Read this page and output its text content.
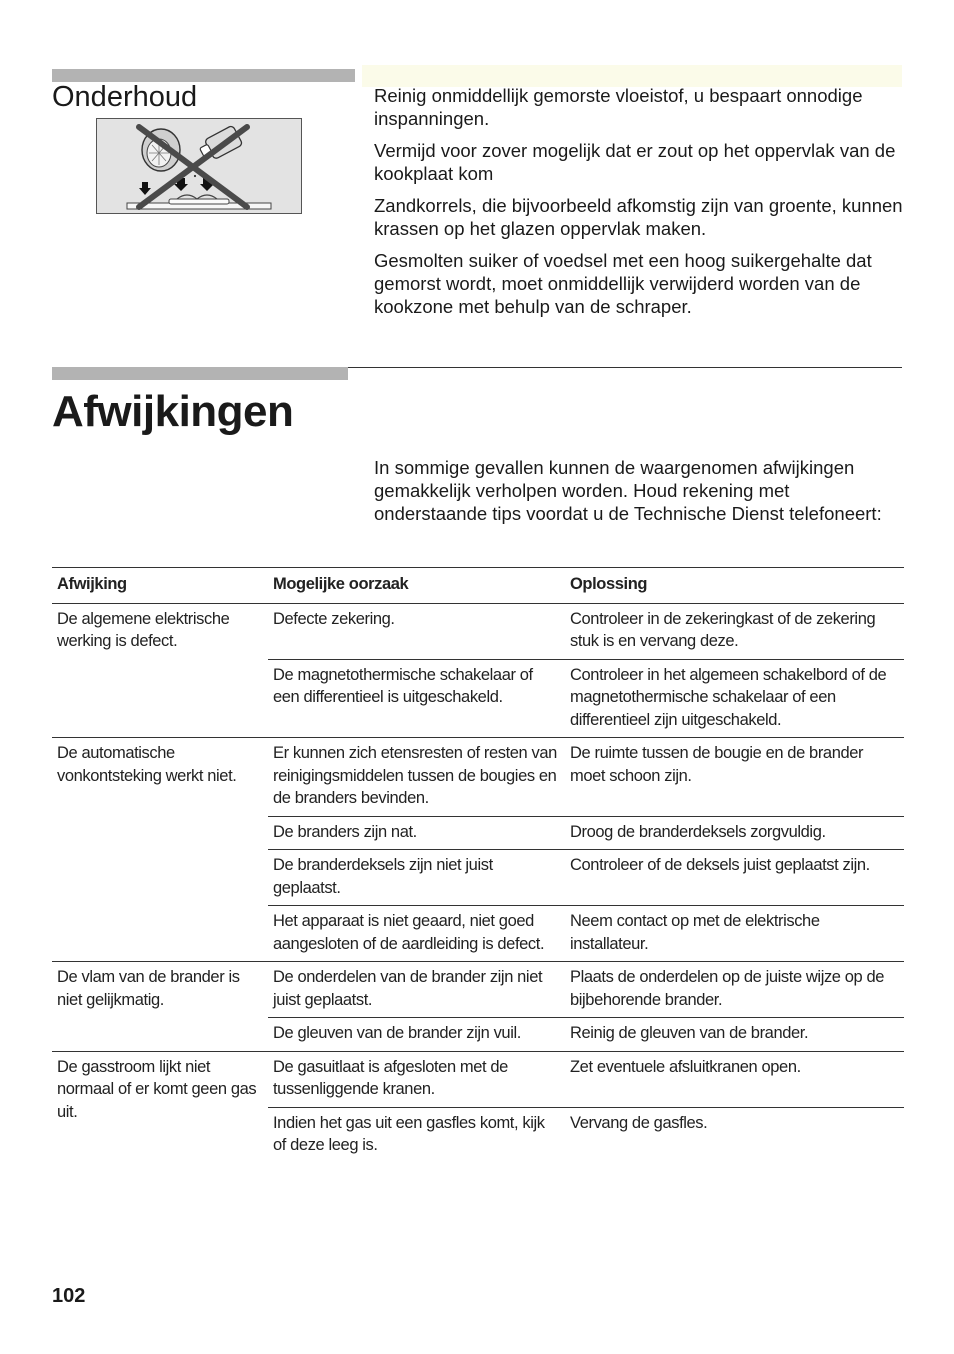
Onderhoud	Reinig onmiddellijk gemorste vloeistof, u bespaart onnodige inspanningen.

Vermijd voor zover mogelijk dat er zout op het oppervlak van de kookplaat kom

Zandkorrels, die bijvoorbeeld afkomstig zijn van groente, kunnen krassen op het glazen oppervlak maken.

Gesmolten suiker of voedsel met een hoog suikergehalte dat gemorst wordt, moet onmiddellijk verwijderd worden van de kookzone met behulp van de schraper.

Afwijkingen

In sommige gevallen kunnen de waargenomen afwijkingen gemakkelijk verholpen worden. Houd rekening met onderstaande tips voordat u de Technische Dienst telefoneert:

Afwijking	Mogelijke oorzaak	Oplossing
De algemene elektrische werking is defect.	Defecte zekering.	Controleer in de zekeringkast of de zekering stuk is en vervang deze.
	De magnetothermische schakelaar of een differentieel is uitgeschakeld.	Controleer in het algemeen schakelbord of de magnetothermische schakelaar of een differentieel zijn uitgeschakeld.
De automatische vonkontsteking werkt niet.	Er kunnen zich etensresten of resten van reinigingsmiddelen tussen de bougies en de branders bevinden.	De ruimte tussen de bougie en de brander moet schoon zijn.
	De branders zijn nat.	Droog de branderdeksels zorgvuldig.
	De branderdeksels zijn niet juist geplaatst.	Controleer of de deksels juist geplaatst zijn.
	Het apparaat is niet geaard, niet goed aangesloten of de aardleiding is defect.	Neem contact op met de elektrische installateur.
De vlam van de brander is niet gelijkmatig.	De onderdelen van de brander zijn niet juist geplaatst.	Plaats de onderdelen op de juiste wijze op de bijbehorende brander.
	De gleuven van de brander zijn vuil.	Reinig de gleuven van de brander.
De gasstroom lijkt niet normaal of er komt geen gas uit.	De gasuitlaat is afgesloten met de tussenliggende kranen.	Zet eventuele afsluitkranen open.
	Indien het gas uit een gasfles komt, kijk of deze leeg is.	Vervang de gasfles.
102
